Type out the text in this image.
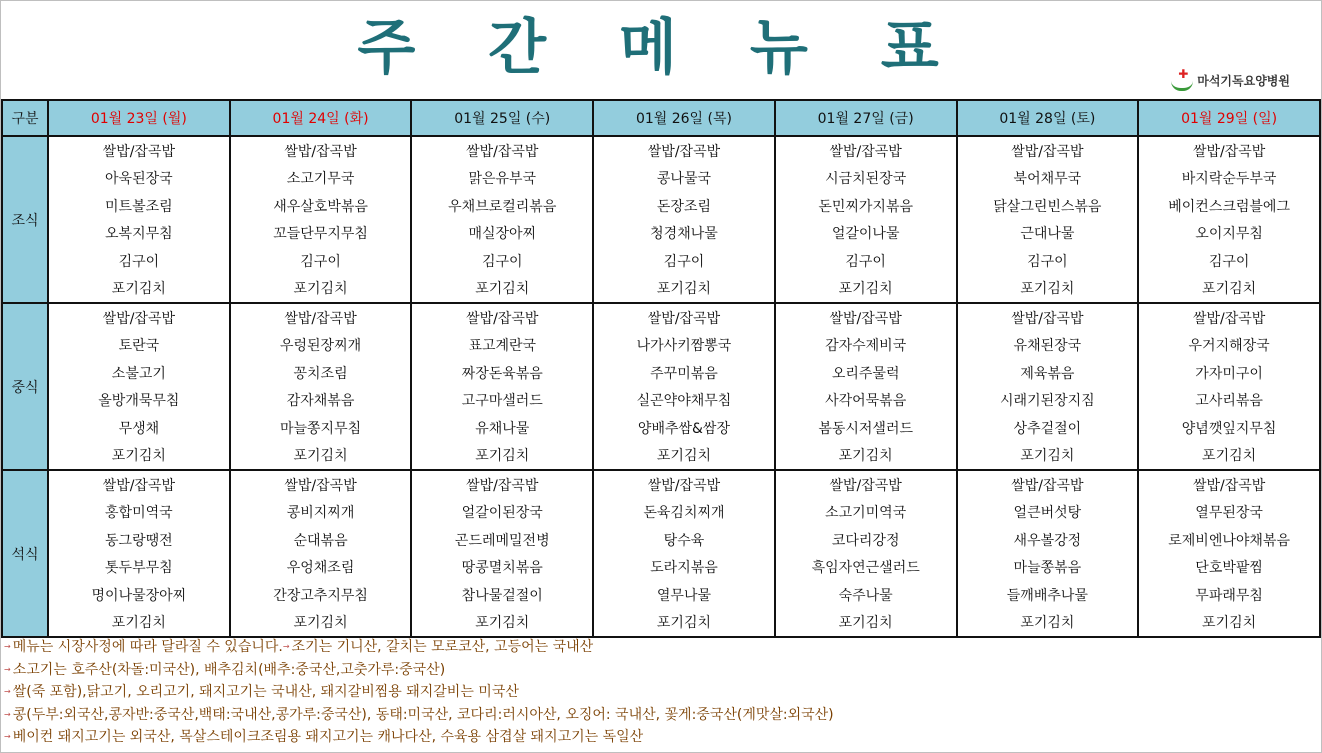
주 간 메 뉴 표	✚ 마석기독요양병원
구분	01월 23일 (월)	01월 24일 (화)	01월 25일 (수)	01월 26일 (목)	01월 27일 (금)	01월 28일 (토)	01월 29일 (일)
조식	쌀밥/잡곡밥	쌀밥/잡곡밥	쌀밥/잡곡밥	쌀밥/잡곡밥	쌀밥/잡곡밥	쌀밥/잡곡밥	쌀밥/잡곡밥
	아욱된장국	소고기무국	맑은유부국	콩나물국	시금치된장국	북어채무국	바지락순두부국
	미트볼조림	새우살호박볶음	우채브로컬리볶음	돈장조림	돈민찌가지볶음	닭살그린빈스볶음	베이컨스크럼블에그
	오복지무침	꼬들단무지무침	매실장아찌	청경채나물	얼갈이나물	근대나물	오이지무침
	김구이	김구이	김구이	김구이	김구이	김구이	김구이
	포기김치	포기김치	포기김치	포기김치	포기김치	포기김치	포기김치
중식	쌀밥/잡곡밥	쌀밥/잡곡밥	쌀밥/잡곡밥	쌀밥/잡곡밥	쌀밥/잡곡밥	쌀밥/잡곡밥	쌀밥/잡곡밥
	토란국	우렁된장찌개	표고계란국	나가사키짬뽕국	감자수제비국	유채된장국	우거지해장국
	소불고기	꽁치조림	짜장돈육볶음	주꾸미볶음	오리주물럭	제육볶음	가자미구이
	올방개묵무침	감자채볶음	고구마샐러드	실곤약야채무침	사각어묵볶음	시래기된장지짐	고사리볶음
	무생채	마늘쫑지무침	유채나물	양배추쌈&쌈장	봄동시저샐러드	상추겉절이	양념깻잎지무침
	포기김치	포기김치	포기김치	포기김치	포기김치	포기김치	포기김치
석식	쌀밥/잡곡밥	쌀밥/잡곡밥	쌀밥/잡곡밥	쌀밥/잡곡밥	쌀밥/잡곡밥	쌀밥/잡곡밥	쌀밥/잡곡밥
	홍합미역국	콩비지찌개	얼갈이된장국	돈육김치찌개	소고기미역국	얼큰버섯탕	열무된장국
	동그랑땡전	순대볶음	곤드레메밀전병	탕수육	코다리강정	새우볼강정	로제비엔나야채볶음
	톳두부무침	우엉채조림	땅콩멸치볶음	도라지볶음	흑임자연근샐러드	마늘쫑볶음	단호박팥찜
	명이나물장아찌	간장고추지무침	참나물겉절이	열무나물	숙주나물	들깨배추나물	무파래무침
	포기김치	포기김치	포기김치	포기김치	포기김치	포기김치	포기김치
→ 메뉴는 시장사정에 따라 달라질 수 있습니다. → 조기는 기니산, 갈치는 모로코산, 고등어는 국내산
→ 소고기는 호주산(차돌:미국산), 배추김치(배추:중국산,고춧가루:중국산)
→ 쌀(죽 포함),닭고기, 오리고기, 돼지고기는 국내산, 돼지갈비찜용 돼지갈비는 미국산
→ 콩(두부:외국산,콩자반:중국산,백태:국내산,콩가루:중국산), 동태:미국산, 코다리:러시아산, 오징어: 국내산, 꽃게:중국산(게맛살:외국산)
→ 베이컨 돼지고기는 외국산, 목살스테이크조림용 돼지고기는 캐나다산, 수육용 삼겹살 돼지고기는 독일산
